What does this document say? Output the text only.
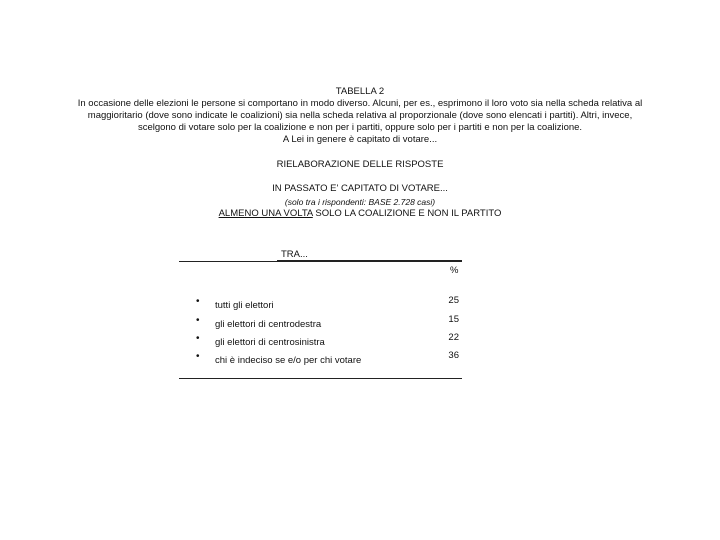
TABELLA 2
In occasione delle elezioni le persone si comportano in modo diverso. Alcuni, per es., esprimono il loro voto sia nella scheda relativa al
maggioritario (dove sono indicate le coalizioni) sia nella scheda relativa al proporzionale (dove sono elencati i partiti). Altri, invece,
scelgono di votare solo per la coalizione e non per i partiti, oppure solo per i partiti e non per la coalizione.
A Lei in genere è capitato di votare...
RIELABORAZIONE DELLE RISPOSTE
IN PASSATO E' CAPITATO DI VOTARE...
(solo tra i rispondenti: BASE 2.728 casi)
ALMENO UNA VOLTA SOLO LA COALIZIONE E NON IL PARTITO
TRA...
%
• tutti gli elettori	25
• gli elettori di centrodestra	15
• gli elettori di centrosinistra	22
• chi è indeciso se e/o per chi votare	36
